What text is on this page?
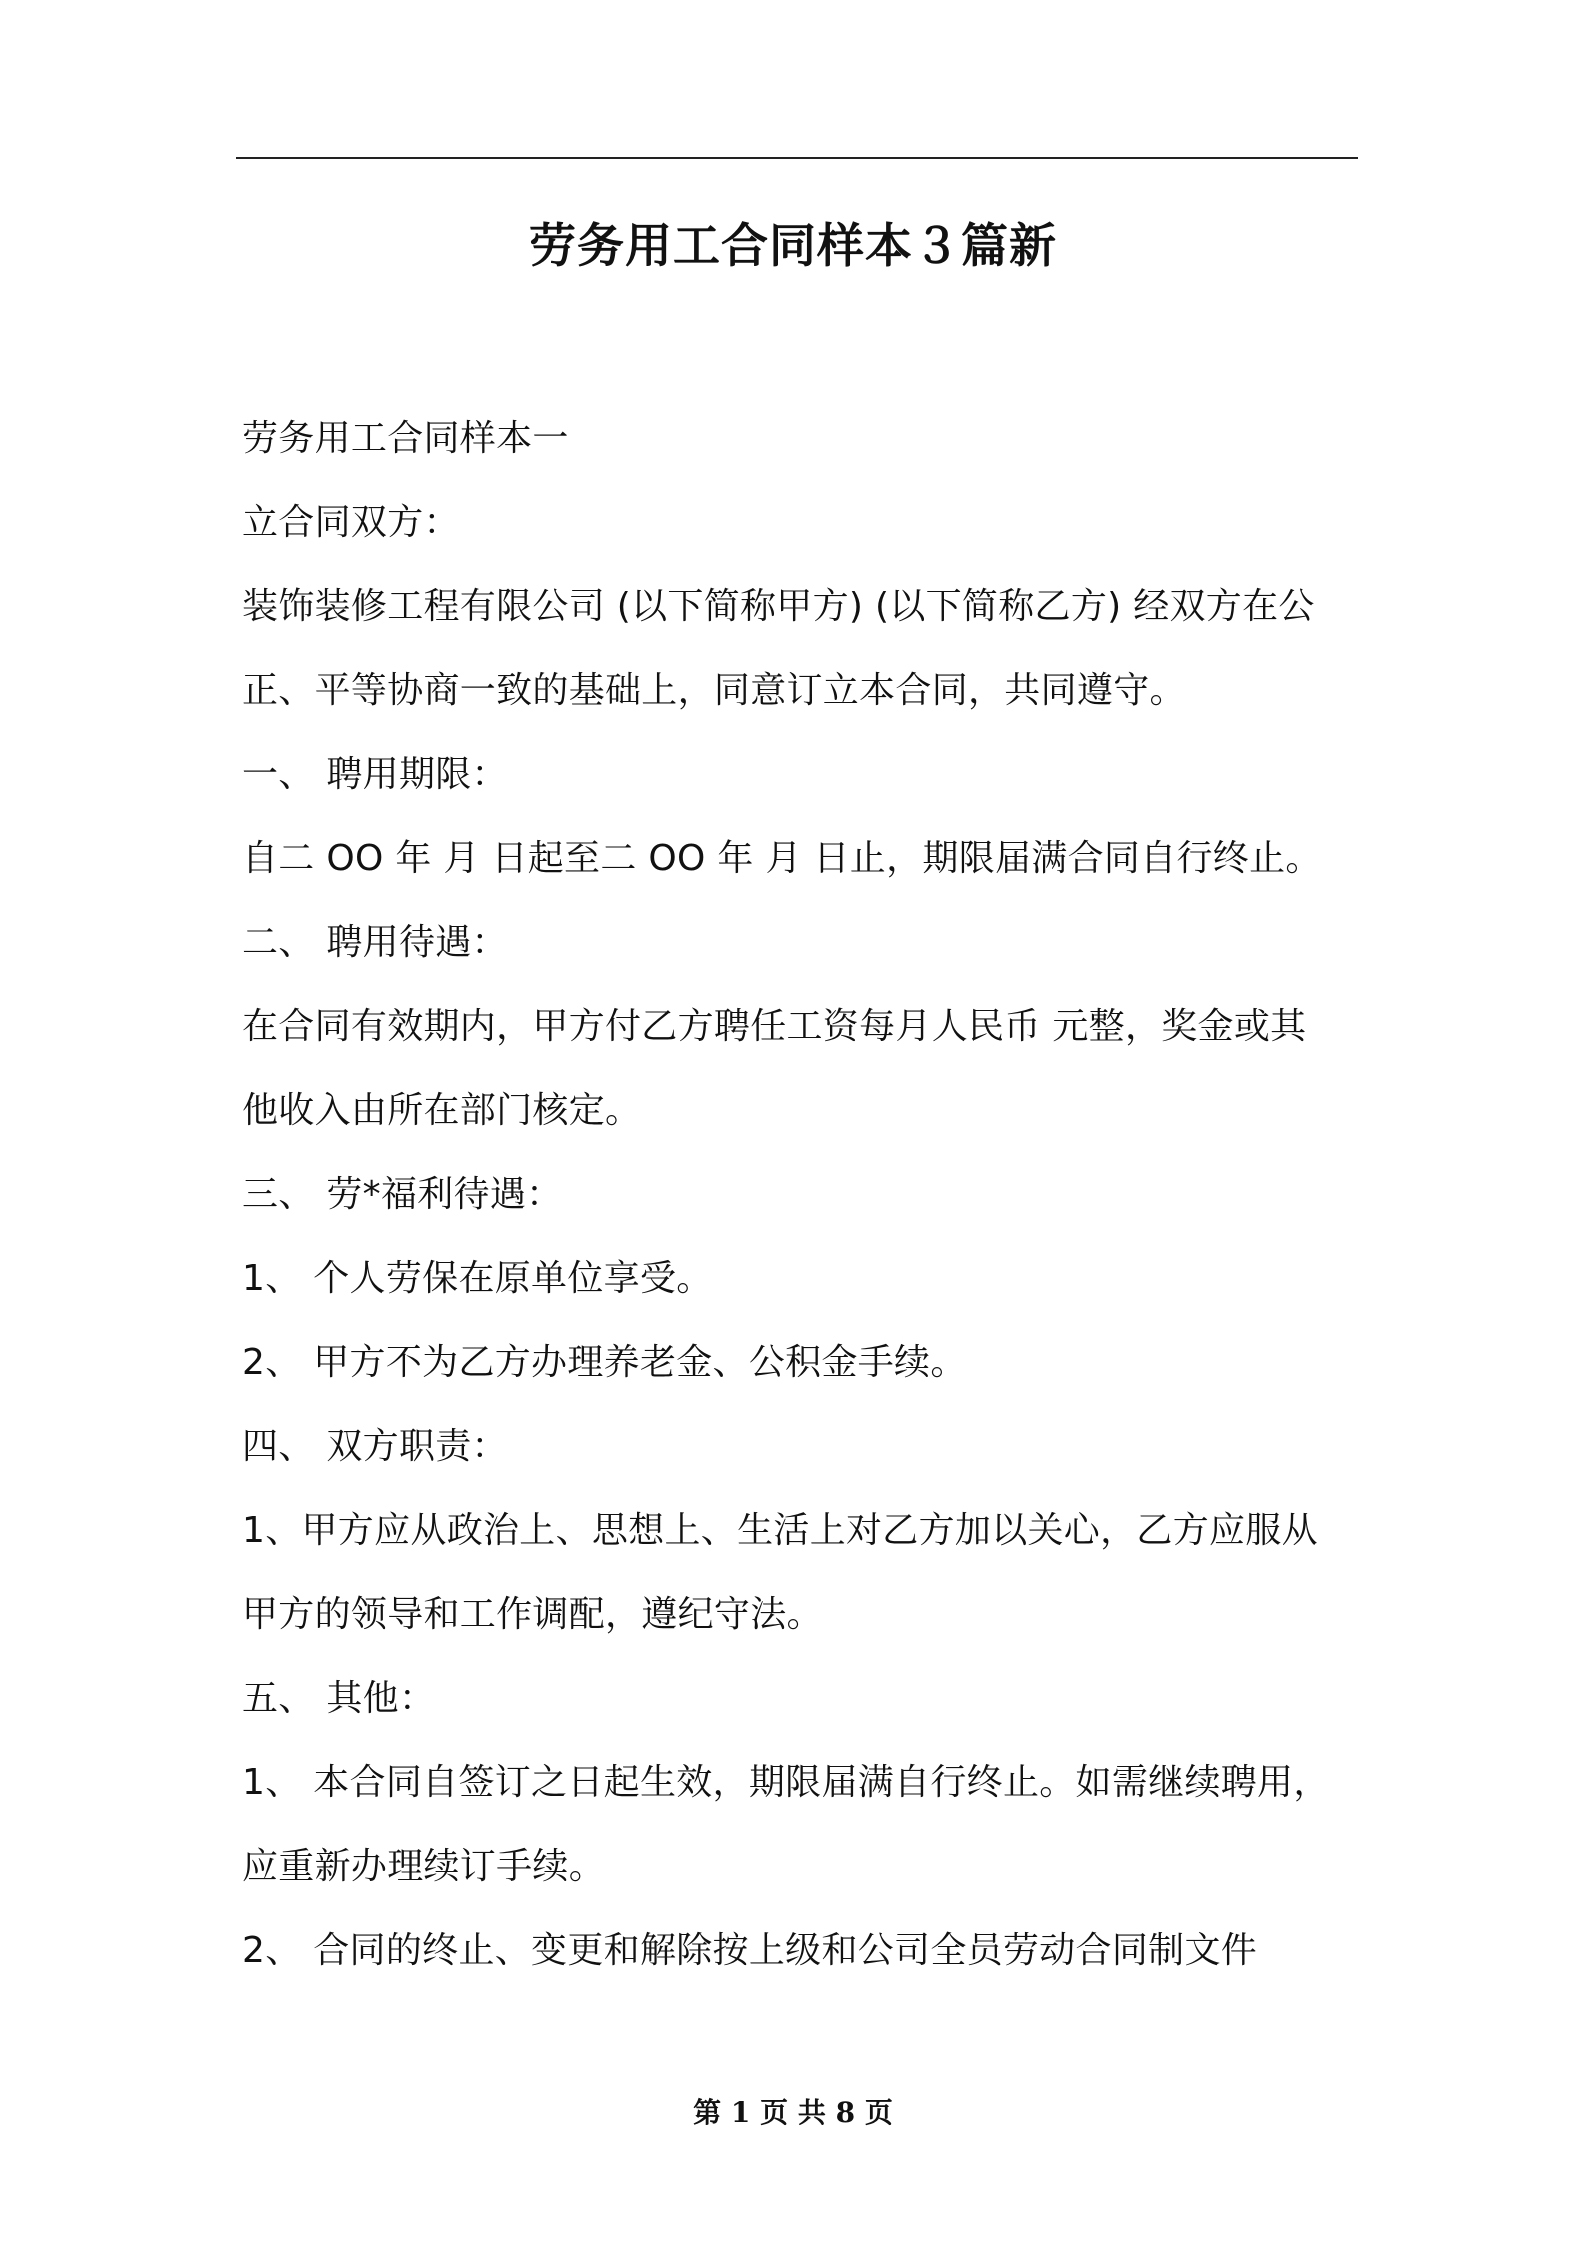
劳务用工合同样本３篇新
劳务用工合同样本一
立合同双方：
装饰装修工程有限公司 (以下简称甲方) (以下简称乙方) 经双方在公
正、平等协商一致的基础上，同意订立本合同，共同遵守。
一、 聘用期限：
自二 OO 年 月 日起至二 OO 年 月 日止，期限届满合同自行终止。
二、 聘用待遇：
在合同有效期内，甲方付乙方聘任工资每月人民币 元整，奖金或其
他收入由所在部门核定。
三、 劳*福利待遇：
1、 个人劳保在原单位享受。
2、 甲方不为乙方办理养老金、公积金手续。
四、 双方职责：
1、甲方应从政治上、思想上、生活上对乙方加以关心，乙方应服从
甲方的领导和工作调配，遵纪守法。
五、 其他：
1、 本合同自签订之日起生效，期限届满自行终止。如需继续聘用，
应重新办理续订手续。
2、 合同的终止、变更和解除按上级和公司全员劳动合同制文件
第 1 页 共 8 页
